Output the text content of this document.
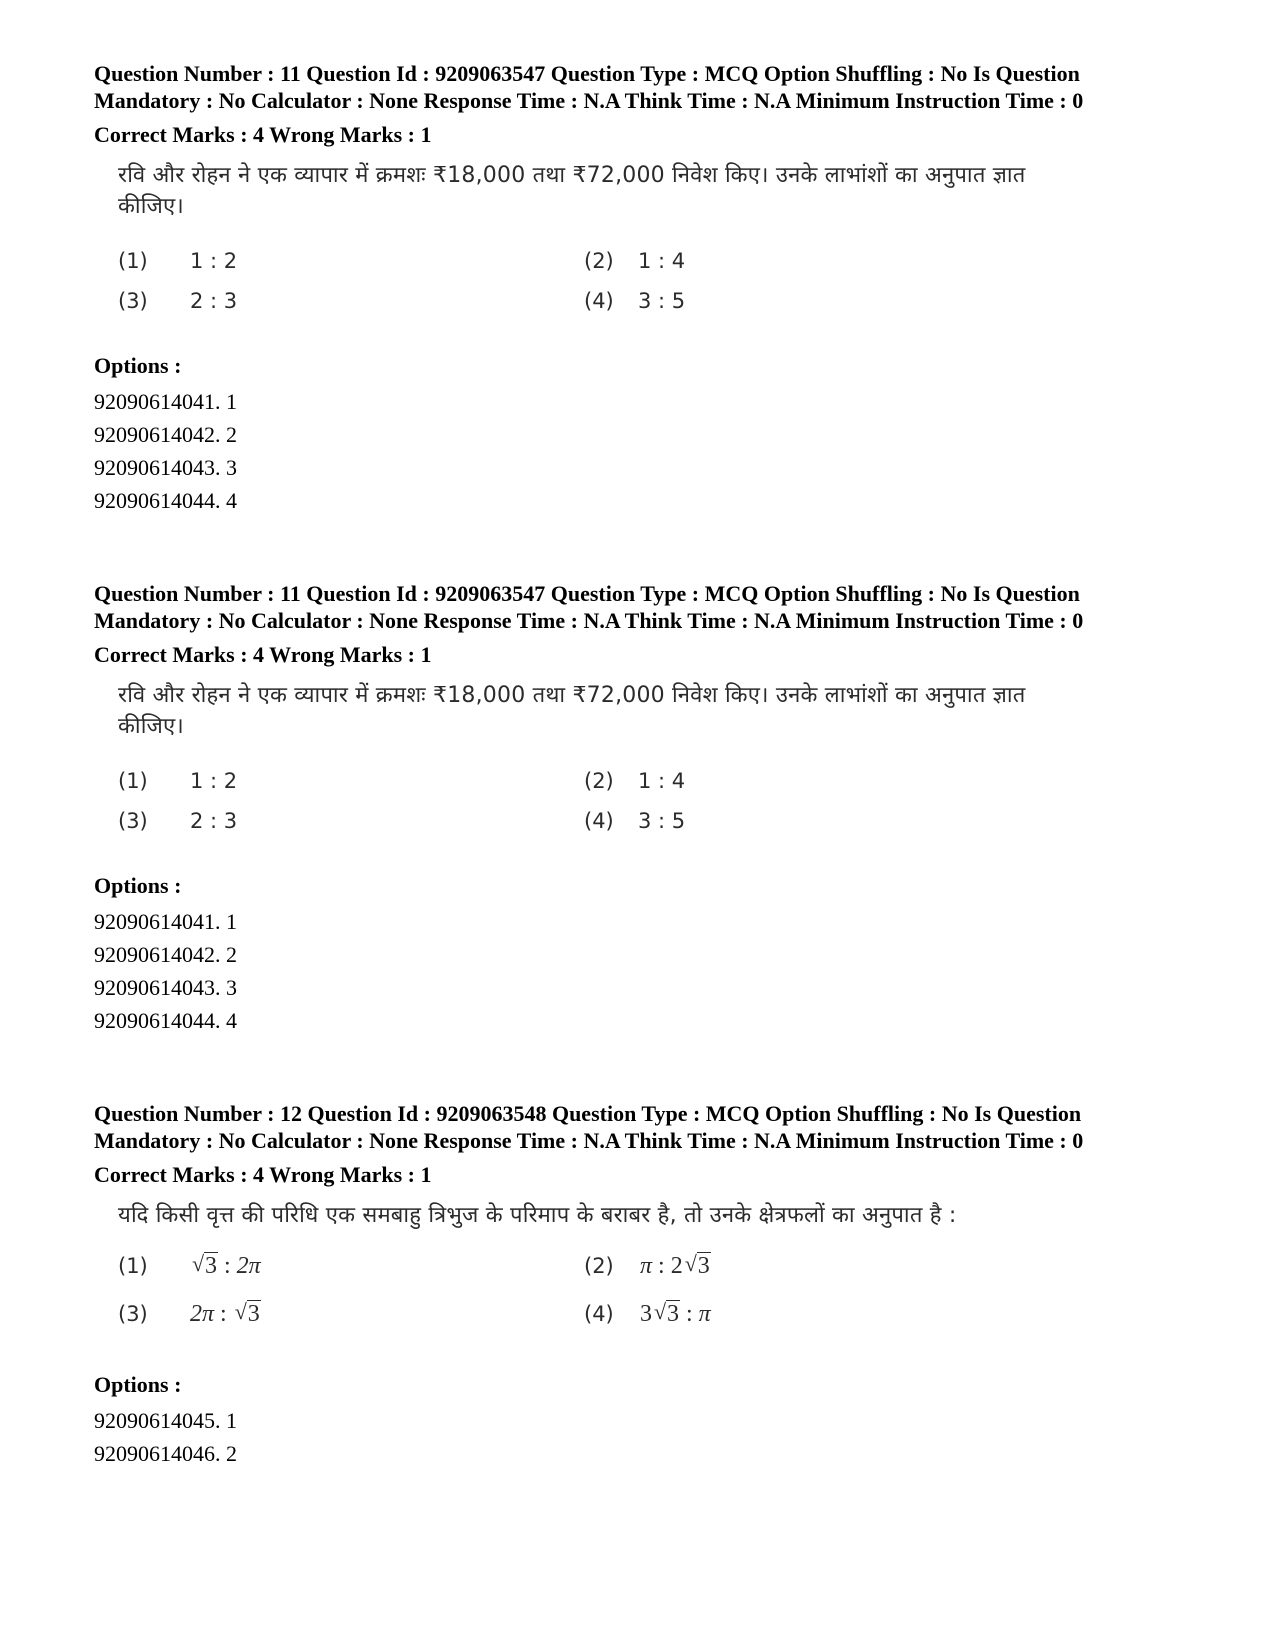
Question Number : 11 Question Id : 9209063547 Question Type : MCQ Option Shuffling : No Is Question Mandatory : No Calculator : None Response Time : N.A Think Time : N.A Minimum Instruction Time : 0
Correct Marks : 4 Wrong Marks : 1
रवि और रोहन ने एक व्यापार में क्रमशः ₹18,000 तथा ₹72,000 निवेश किए। उनके लाभांशों का अनुपात ज्ञात कीजिए।
(1) 1 : 2	(2) 1 : 4
(3) 2 : 3	(4) 3 : 5
Options :
92090614041. 1
92090614042. 2
92090614043. 3
92090614044. 4
Question Number : 11 Question Id : 9209063547 Question Type : MCQ Option Shuffling : No Is Question Mandatory : No Calculator : None Response Time : N.A Think Time : N.A Minimum Instruction Time : 0
Correct Marks : 4 Wrong Marks : 1
रवि और रोहन ने एक व्यापार में क्रमशः ₹18,000 तथा ₹72,000 निवेश किए। उनके लाभांशों का अनुपात ज्ञात कीजिए।
(1) 1 : 2	(2) 1 : 4
(3) 2 : 3	(4) 3 : 5
Options :
92090614041. 1
92090614042. 2
92090614043. 3
92090614044. 4
Question Number : 12 Question Id : 9209063548 Question Type : MCQ Option Shuffling : No Is Question Mandatory : No Calculator : None Response Time : N.A Think Time : N.A Minimum Instruction Time : 0
Correct Marks : 4 Wrong Marks : 1
यदि किसी वृत्त की परिधि एक समबाहु त्रिभुज के परिमाप के बराबर है, तो उनके क्षेत्रफलों का अनुपात है :
(1) √ 3 : 2π	(2) π : 2 √ 3
(3) 2π : √ 3	(4) 3 √ 3 : π
Options :
92090614045. 1
92090614046. 2
